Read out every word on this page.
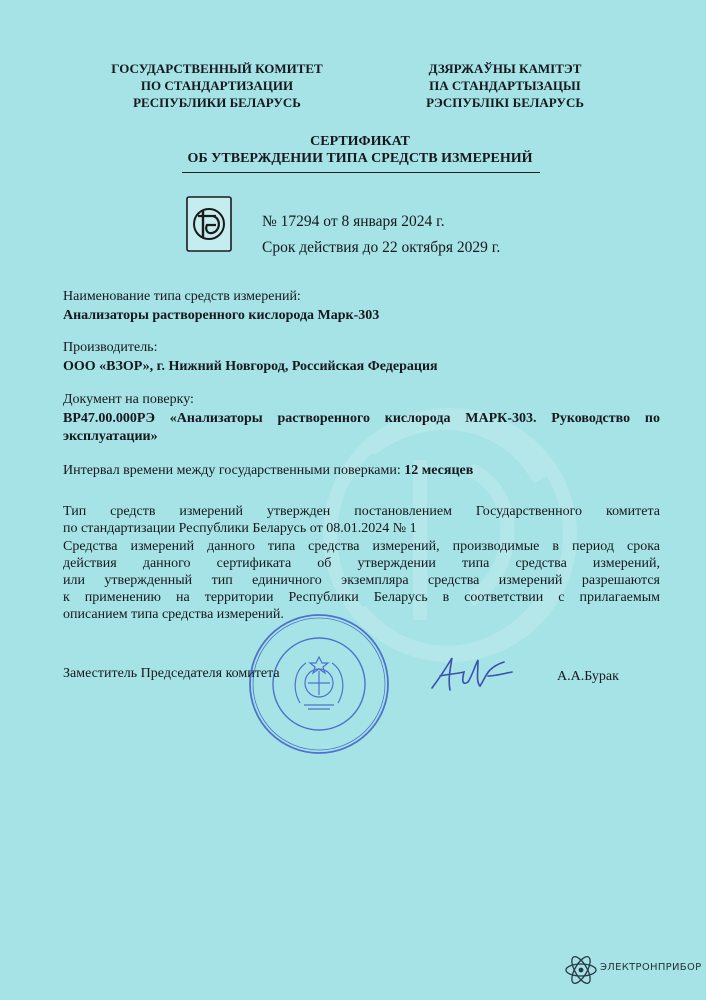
ГОСУДАРСТВЕННЫЙ КОМИТЕТ
ПО СТАНДАРТИЗАЦИИ
РЕСПУБЛИКИ БЕЛАРУСЬ
ДЗЯРЖАЎНЫ КАМІТЭТ
ПА СТАНДАРТЫЗАЦЫІ
РЭСПУБЛІКІ БЕЛАРУСЬ
СЕРТИФИКАТ
ОБ УТВЕРЖДЕНИИ ТИПА СРЕДСТВ ИЗМЕРЕНИЙ
№ 17294 от 8 января 2024 г.
Срок действия до 22 октября 2029 г.
Наименование типа средств измерений:
Анализаторы растворенного кислорода Марк-303
Производитель:
ООО «ВЗОР», г. Нижний Новгород, Российская Федерация
Документ на поверку:
ВР47.00.000РЭ «Анализаторы растворенного кислорода МАРК-303. Руководство по эксплуатации»
Интервал времени между государственными поверками: 12 месяцев
Тип средств измерений утвержден постановлением Государственного комитета
по стандартизации Республики Беларусь от 08.01.2024 № 1
Средства измерений данного типа средства измерений, производимые в период срока
действия данного сертификата об утверждении типа средства измерений,
или утвержденный тип единичного экземпляра средства измерений разрешаются
к применению на территории Республики Беларусь в соответствии с прилагаемым
описанием типа средства измерений.
Заместитель Председателя комитета	А.А.Бурак
ЭЛЕКТРОНПРИБОР
